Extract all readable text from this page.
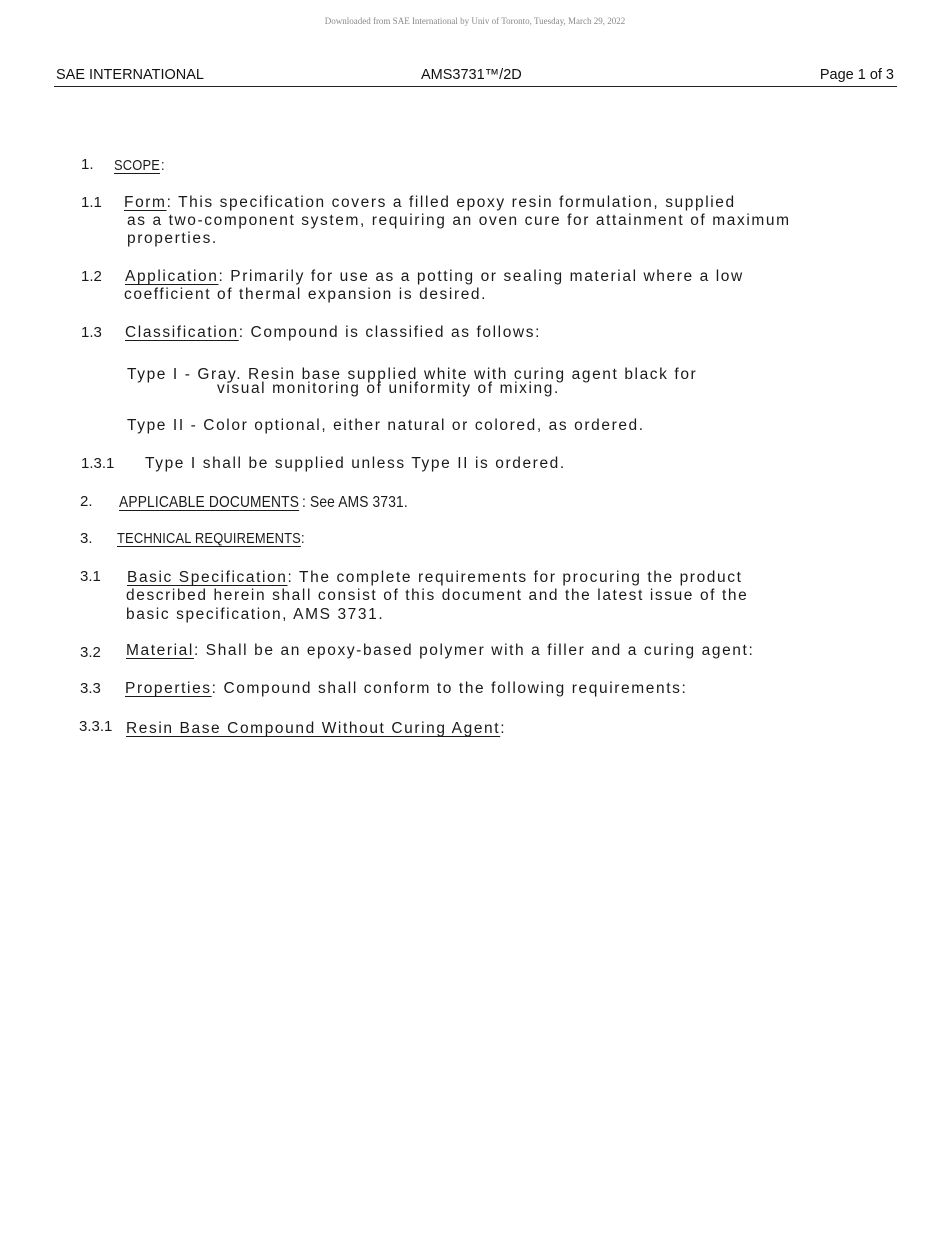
Downloaded from SAE International by Univ of Toronto, Tuesday, March 29, 2022
SAE INTERNATIONAL	AMS3731™/2D	Page 1 of 3
1. SCOPE:
1.1 Form: This specification covers a filled epoxy resin formulation, supplied
as a two-component system, requiring an oven cure for attainment of maximum
properties.
1.2 Application: Primarily for use as a potting or sealing material where a low
coefficient of thermal expansion is desired.
1.3 Classification: Compound is classified as follows:
Type I - Gray. Resin base supplied white with curing agent black for
visual monitoring of uniformity of mixing.
Type II - Color optional, either natural or colored, as ordered.
1.3.1 Type I shall be supplied unless Type II is ordered.
2. APPLICABLE DOCUMENTS : See AMS 3731.
3. TECHNICAL REQUIREMENTS:
3.1 Basic Specification: The complete requirements for procuring the product
described herein shall consist of this document and the latest issue of the
basic specification, AMS 3731.
3.2 Material: Shall be an epoxy-based polymer with a filler and a curing agent:
3.3 Properties: Compound shall conform to the following requirements:
3.3.1 Resin Base Compound Without Curing Agent:
